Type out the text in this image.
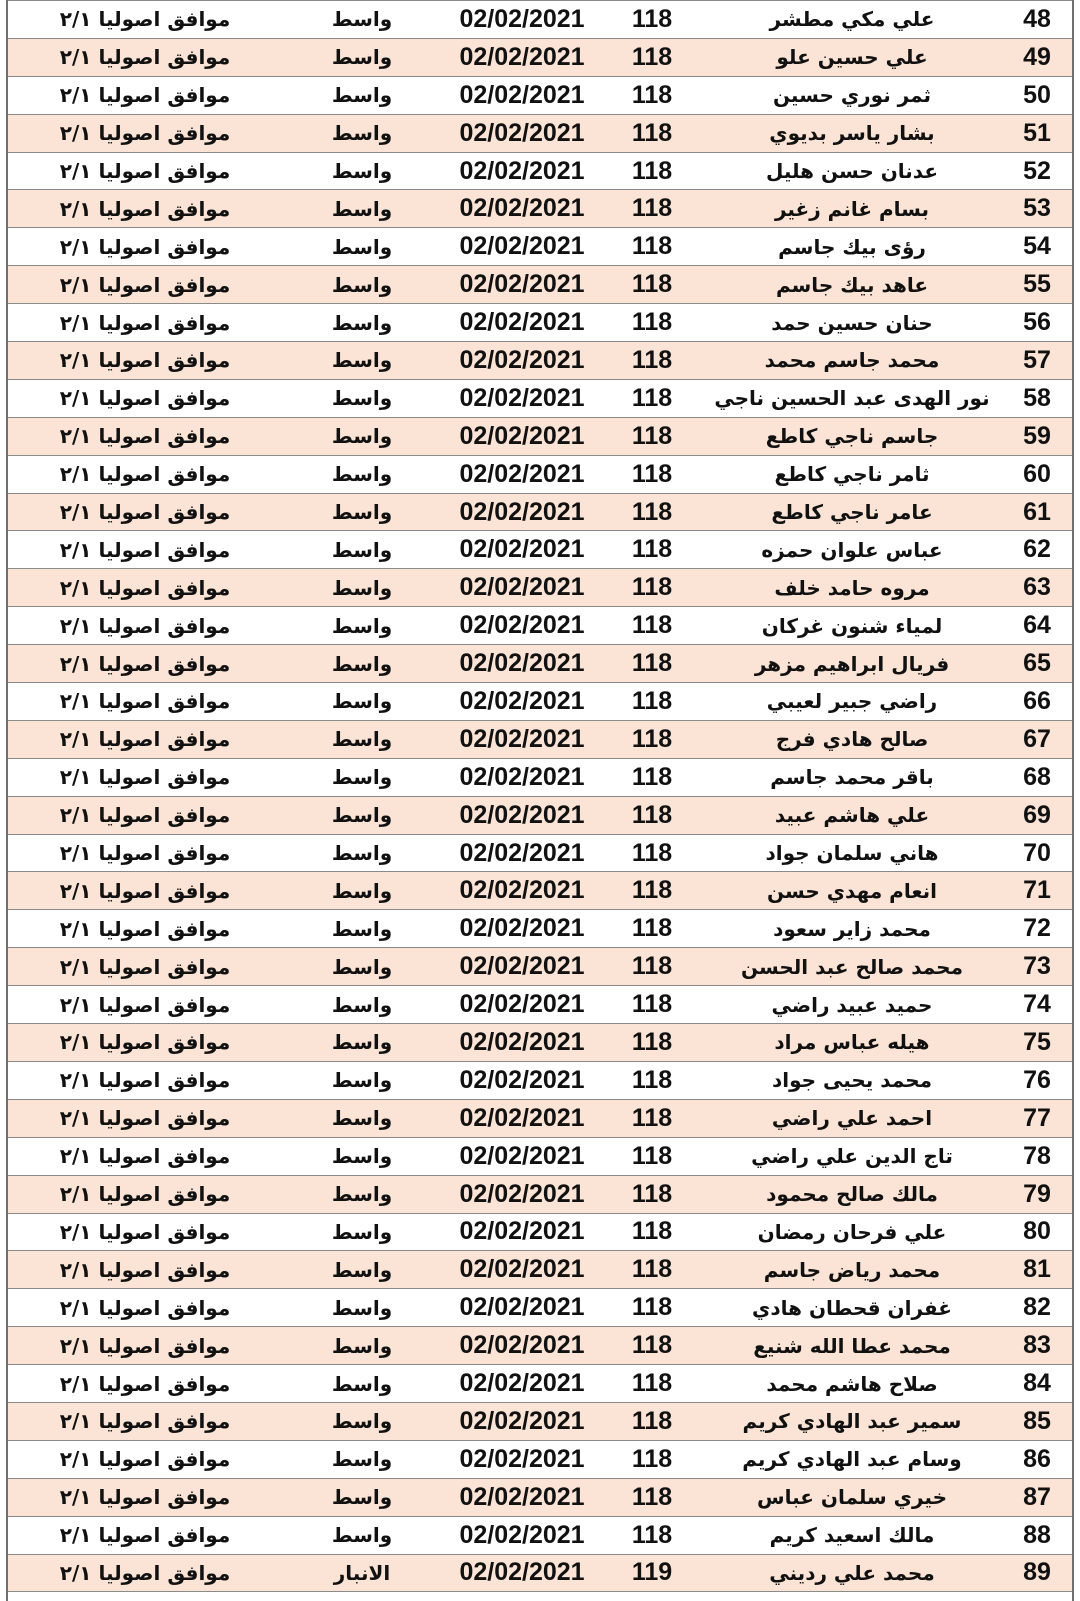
48	علي مكي مطشر	118	02/02/2021	واسط	موافق اصوليا ٢/١
49	علي حسين علو	118	02/02/2021	واسط	موافق اصوليا ٢/١
50	ثمر نوري حسين	118	02/02/2021	واسط	موافق اصوليا ٢/١
51	بشار ياسر بديوي	118	02/02/2021	واسط	موافق اصوليا ٢/١
52	عدنان حسن هليل	118	02/02/2021	واسط	موافق اصوليا ٢/١
53	بسام غانم زغير	118	02/02/2021	واسط	موافق اصوليا ٢/١
54	رؤى بيك جاسم	118	02/02/2021	واسط	موافق اصوليا ٢/١
55	عاهد بيك جاسم	118	02/02/2021	واسط	موافق اصوليا ٢/١
56	حنان حسين حمد	118	02/02/2021	واسط	موافق اصوليا ٢/١
57	محمد جاسم محمد	118	02/02/2021	واسط	موافق اصوليا ٢/١
58	نور الهدى عبد الحسين ناجي	118	02/02/2021	واسط	موافق اصوليا ٢/١
59	جاسم ناجي كاطع	118	02/02/2021	واسط	موافق اصوليا ٢/١
60	ثامر ناجي كاطع	118	02/02/2021	واسط	موافق اصوليا ٢/١
61	عامر ناجي كاطع	118	02/02/2021	واسط	موافق اصوليا ٢/١
62	عباس علوان حمزه	118	02/02/2021	واسط	موافق اصوليا ٢/١
63	مروه حامد خلف	118	02/02/2021	واسط	موافق اصوليا ٢/١
64	لمياء شنون غركان	118	02/02/2021	واسط	موافق اصوليا ٢/١
65	فريال ابراهيم مزهر	118	02/02/2021	واسط	موافق اصوليا ٢/١
66	راضي جبير لعيبي	118	02/02/2021	واسط	موافق اصوليا ٢/١
67	صالح هادي فرج	118	02/02/2021	واسط	موافق اصوليا ٢/١
68	باقر محمد جاسم	118	02/02/2021	واسط	موافق اصوليا ٢/١
69	علي هاشم عبيد	118	02/02/2021	واسط	موافق اصوليا ٢/١
70	هاني سلمان جواد	118	02/02/2021	واسط	موافق اصوليا ٢/١
71	انعام مهدي حسن	118	02/02/2021	واسط	موافق اصوليا ٢/١
72	محمد زاير سعود	118	02/02/2021	واسط	موافق اصوليا ٢/١
73	محمد صالح عبد الحسن	118	02/02/2021	واسط	موافق اصوليا ٢/١
74	حميد عبيد راضي	118	02/02/2021	واسط	موافق اصوليا ٢/١
75	هيله عباس مراد	118	02/02/2021	واسط	موافق اصوليا ٢/١
76	محمد يحيى جواد	118	02/02/2021	واسط	موافق اصوليا ٢/١
77	احمد علي راضي	118	02/02/2021	واسط	موافق اصوليا ٢/١
78	تاج الدين علي راضي	118	02/02/2021	واسط	موافق اصوليا ٢/١
79	مالك صالح محمود	118	02/02/2021	واسط	موافق اصوليا ٢/١
80	علي فرحان رمضان	118	02/02/2021	واسط	موافق اصوليا ٢/١
81	محمد رياض جاسم	118	02/02/2021	واسط	موافق اصوليا ٢/١
82	غفران قحطان هادي	118	02/02/2021	واسط	موافق اصوليا ٢/١
83	محمد عطا الله شنيع	118	02/02/2021	واسط	موافق اصوليا ٢/١
84	صلاح هاشم محمد	118	02/02/2021	واسط	موافق اصوليا ٢/١
85	سمير عبد الهادي كريم	118	02/02/2021	واسط	موافق اصوليا ٢/١
86	وسام عبد الهادي كريم	118	02/02/2021	واسط	موافق اصوليا ٢/١
87	خيري سلمان عباس	118	02/02/2021	واسط	موافق اصوليا ٢/١
88	مالك اسعيد كريم	118	02/02/2021	واسط	موافق اصوليا ٢/١
89	محمد علي رديني	119	02/02/2021	الانبار	موافق اصوليا ٢/١
